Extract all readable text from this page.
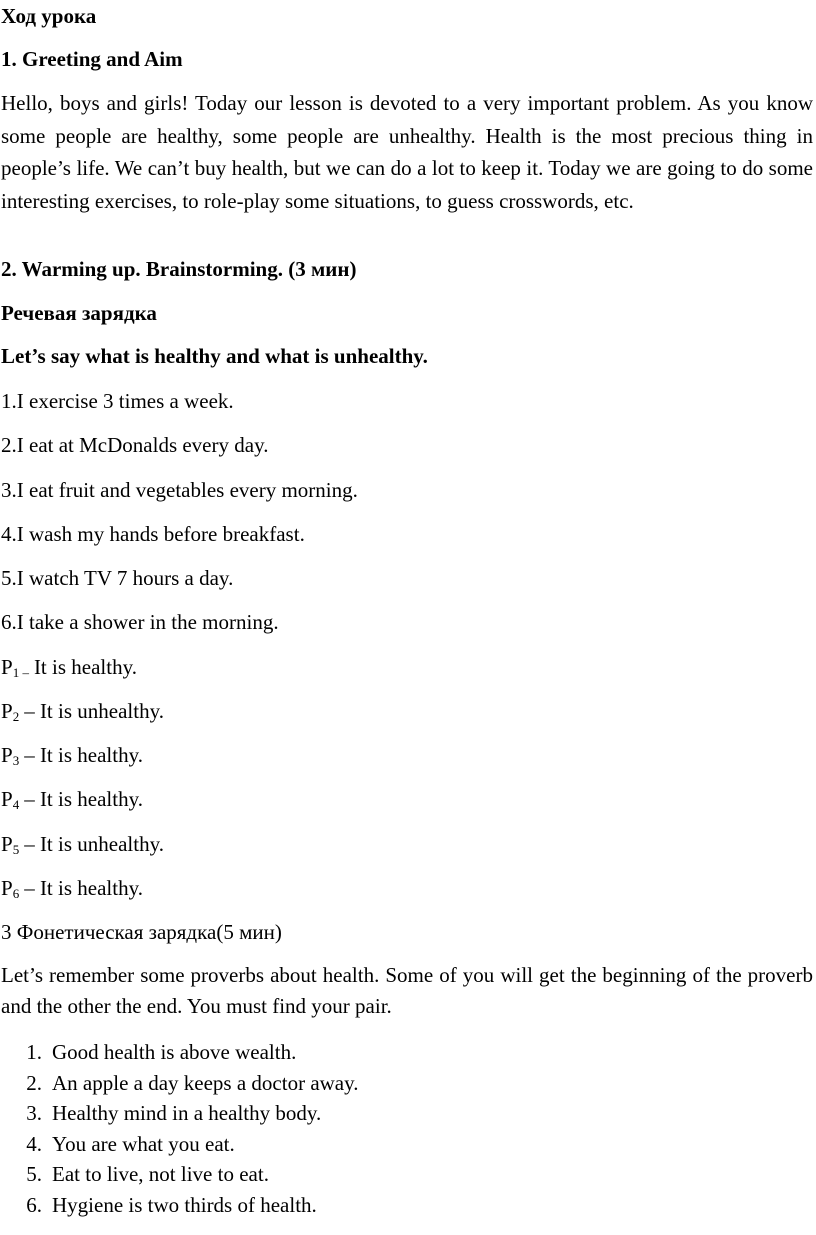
Ход урока

1. Greeting and Aim

Hello, boys and girls! Today our lesson is devoted to a very important problem. As you know some people are healthy, some people are unhealthy. Health is the most precious thing in people’s life. We can’t buy health, but we can do a lot to keep it. Today we are going to do some interesting exercises, to role-play some situations, to guess crosswords, etc.

2. Warming up. Brainstorming. (3 мин)

Речевая зарядка

Let’s say what is healthy and what is unhealthy.

1.I exercise 3 times a week.

2.I eat at McDonalds every day.

3.I eat fruit and vegetables every morning.

4.I wash my hands before breakfast.

5.I watch TV 7 hours a day.

6.I take a shower in the morning.

$P_{1 -}$ It is healthy.

$P_2$ – It is unhealthy.

$P_3$ – It is healthy.

$P_4$ – It is healthy.

$P_5$ – It is unhealthy.

$P_6$ – It is healthy.

3 Фонетическая зарядка(5 мин)

Let’s remember some proverbs about health. Some of you will get the beginning of the proverb and the other the end. You must find your pair.

1. Good health is above wealth.
2. An apple a day keeps a doctor away.
3. Healthy mind in a healthy body.
4. You are what you eat.
5. Eat to live, not live to eat.
6. Hygiene is two thirds of health.
